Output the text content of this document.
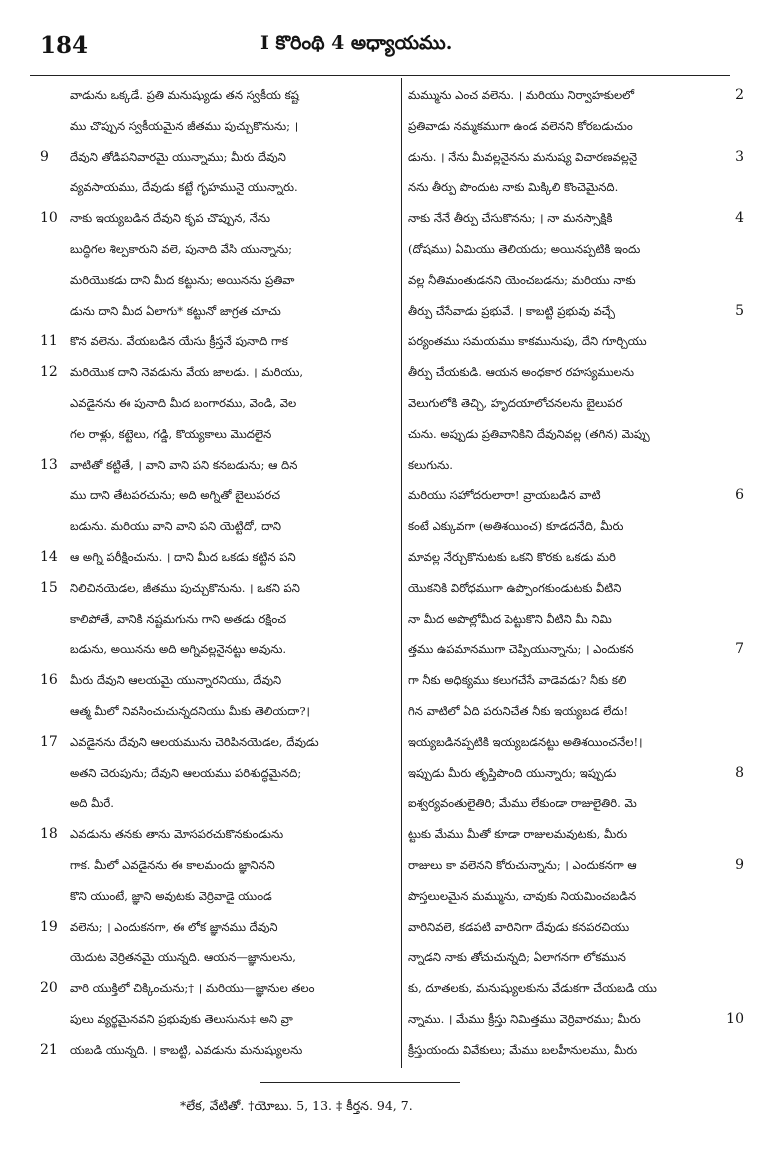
184	I కొరింథి 4 అధ్యాయము.
వాడును ఒక్కడే. ప్రతి మనుష్యుడు తన స్వకీయ కష్ట
ము చొప్పున స్వకీయమైన జీతము పుచ్చుకొనును; ।
9 దేవుని తోడిపనివారమై యున్నాము; మీరు దేవుని
వ్యవసాయము, దేవుడు కట్టే గృహమునై యున్నారు.
10 నాకు ఇయ్యబడిన దేవుని కృప చొప్పున, నేను
బుద్ధిగల శిల్పకారుని వలె, పునాది వేసి యున్నాను;
మరియొకడు దాని మీద కట్టును; అయినను ప్రతివా
డును దాని మీద ఏలాగు* కట్టునో జాగ్రత చూచు
11 కొన వలెను. వేయబడిన యేసు క్రీస్తనే పునాది గాక
12 మరియొక దాని నెవడును వేయ జాలడు. । మరియు,
ఎవడైనను ఈ పునాది మీద బంగారము, వెండి, వెల
గల రాళ్లు, కట్టెలు, గడ్డి, కొయ్యకాలు మొదలైన
13 వాటితో కట్టితే, । వాని వాని పని కనబడును; ఆ దిన
ము దాని తేటపరచును; అది అగ్నితో బైలుపరచ
బడును. మరియు వాని వాని పని యెట్టిదో, దాని
14 ఆ అగ్ని పరీక్షించును. । దాని మీద ఒకడు కట్టిన పని
15 నిలిచినయెడల, జీతము పుచ్చుకొనును. । ఒకని పని
కాలిపోతే, వానికి నష్టమగును గాని అతడు రక్షించ
బడును, అయినను అది అగ్నివల్లనైనట్టు అవును.
16 మీరు దేవుని ఆలయమై యున్నారనియు, దేవుని
ఆత్మ మీలో నివసించుచున్నదనియు మీకు తెలియదా?।
17 ఎవడైనను దేవుని ఆలయమును చెరిపినయెడల, దేవుడు
అతని చెరుపును; దేవుని ఆలయము పరిశుద్ధమైనది;
అది మీరే.
18 ఎవడును తనకు తాను మోసపరచుకొనకుండును
గాక. మీలో ఎవడైనను ఈ కాలమందు జ్ఞానినని
కొని యుంటే, జ్ఞాని అవుటకు వెర్రివాడై యుండ
19 వలెను; । ఎందుకనగా, ఈ లోక జ్ఞానము దేవుని
యెదుట వెర్రితనమై యున్నది. ఆయన—జ్ఞానులను,
20 వారి యుక్తిలో చిక్కించును;† । మరియు—జ్ఞానుల తలం
పులు వ్యర్థమైనవని ప్రభువుకు తెలుసును‡ అని వ్రా
21 యబడి యున్నది. । కాబట్టి, ఎవడును మనుష్యులను
మమ్మును ఎంచ వలెను. । మరియు నిర్వాహకులలో 2
ప్రతివాడు నమ్మకముగా ఉండ వలెనని కోరబడుచుం
డును. । నేను మీవల్లనైనను మనుష్య విచారణవల్లనై 3
నను తీర్పు పొందుట నాకు మిక్కిలి కొంచెమైనది.
నాకు నేనే తీర్పు చేసుకొనను; । నా మనస్సాక్షికి 4
(దోషము) ఏమియు తెలియదు; అయినప్పటికి ఇందు
వల్ల నీతిమంతుడనని యెంచబడను; మరియు నాకు
తీర్పు చేసేవాడు ప్రభువే. । కాబట్టి ప్రభువు వచ్చే 5
పర్యంతము సమయము కాకమునుపు, దేని గూర్చియు
తీర్పు చేయకుడి. ఆయన అంధకార రహస్యములను
వెలుగులోకి తెచ్చి, హృదయాలోచనలను బైలుపర
చును. అప్పుడు ప్రతివానికిని దేవునివల్ల (తగిన) మెప్పు
కలుగును.
మరియు సహోదరులారా! వ్రాయబడిన వాటి 6
కంటే ఎక్కువగా (అతిశయించ) కూడదనేది, మీరు
మావల్ల నేర్చుకొనుటకు ఒకని కొరకు ఒకడు మరి
యొకనికి విరోధముగా ఉప్పొంగకుండుటకు వీటిని
నా మీద అపొల్లోమీద పెట్టుకొని వీటిని మీ నిమి
త్తము ఉపమానముగా చెప్పియున్నాను; । ఎందుకన 7
గా నీకు అధిక్యము కలుగచేసే వాడెవడు? నీకు కలి
గిన వాటిలో ఏది పరునిచేత నీకు ఇయ్యబడ లేదు!
ఇయ్యబడినప్పటికి ఇయ్యబడనట్టు అతిశయించనేల!।
ఇప్పుడు మీరు తృప్తిపొంది యున్నారు; ఇప్పుడు 8
ఐశ్వర్యవంతులైతిరి; మేము లేకుండా రాజులైతిరి. మె
ట్టుకు మేము మీతో కూడా రాజులమవుటకు, మీరు
రాజులు కా వలెనని కోరుచున్నాను; । ఎందుకనగా ఆ 9
పొస్తలులమైన మమ్మును, చావుకు నియమించబడిన
వారినివలె, కడపటి వారినిగా దేవుడు కనపరచియు
న్నాడని నాకు తోచుచున్నది; ఏలాగనగా లోకమున
కు, దూతలకు, మనుష్యులకును వేడుకగా చేయబడి యు
న్నాము. । మేము క్రీస్తు నిమిత్తము వెర్రివారము; మీరు 10
క్రీస్తుయందు వివేకులు; మేము బలహీనులము, మీరు
*లేక, వేటితో. †యోబు. 5, 13. ‡ కీర్తన. 94, 7.
